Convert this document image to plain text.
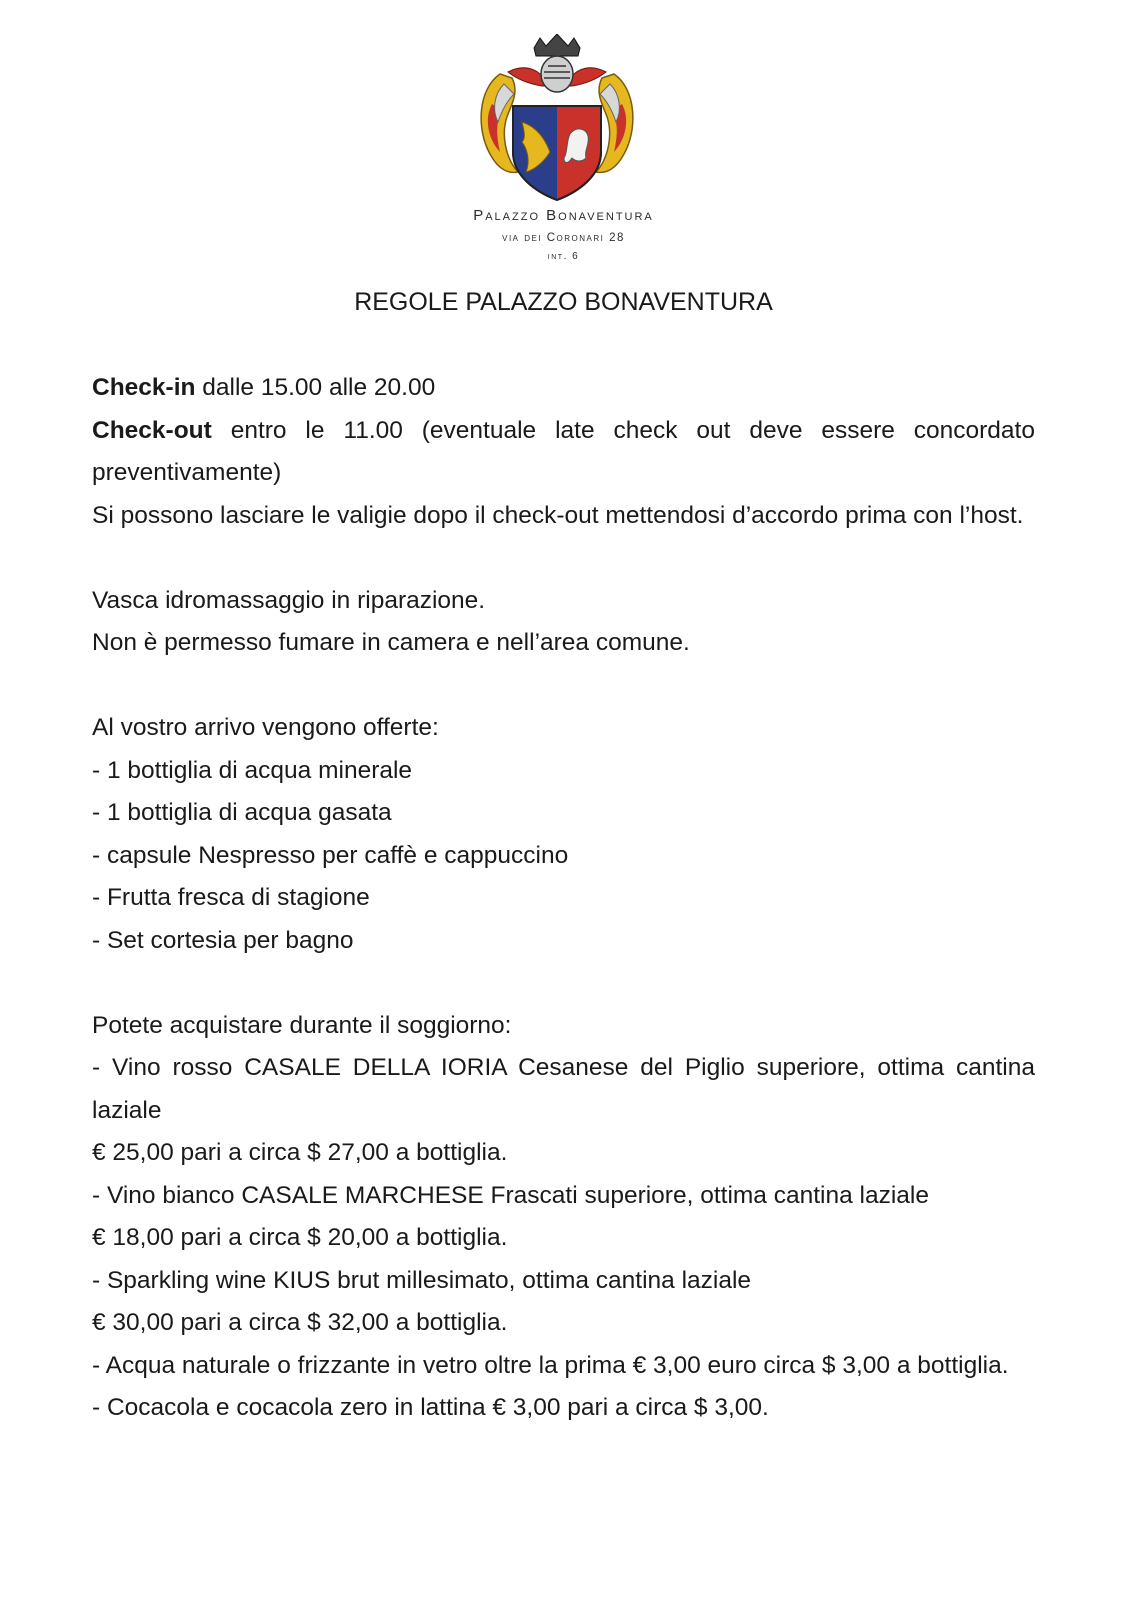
Palazzo Bonaventura
via dei Coronari 28
int. 6
REGOLE PALAZZO BONAVENTURA

Check-in dalle 15.00 alle 20.00

Check-out entro le 11.00 (eventuale late check out deve essere concordato preventivamente)

Si possono lasciare le valigie dopo il check-out mettendosi d’accordo prima con l’host.

Vasca idromassaggio in riparazione.

Non è permesso fumare in camera e nell’area comune.

Al vostro arrivo vengono offerte:

- 1 bottiglia di acqua minerale

- 1 bottiglia di acqua gasata

- capsule Nespresso per caffè e cappuccino

- Frutta fresca di stagione

- Set cortesia per bagno

Potete acquistare durante il soggiorno:

- Vino rosso CASALE DELLA IORIA Cesanese del Piglio superiore, ottima cantina laziale

€ 25,00 pari a circa $ 27,00 a bottiglia.

- Vino bianco CASALE MARCHESE Frascati superiore, ottima cantina laziale

€ 18,00 pari a circa $ 20,00 a bottiglia.

- Sparkling wine KIUS brut millesimato, ottima cantina laziale

€ 30,00 pari a circa $ 32,00 a bottiglia.

- Acqua naturale o frizzante in vetro oltre la prima € 3,00 euro circa $ 3,00 a bottiglia.

- Cocacola e cocacola zero in lattina € 3,00 pari a circa $ 3,00.
